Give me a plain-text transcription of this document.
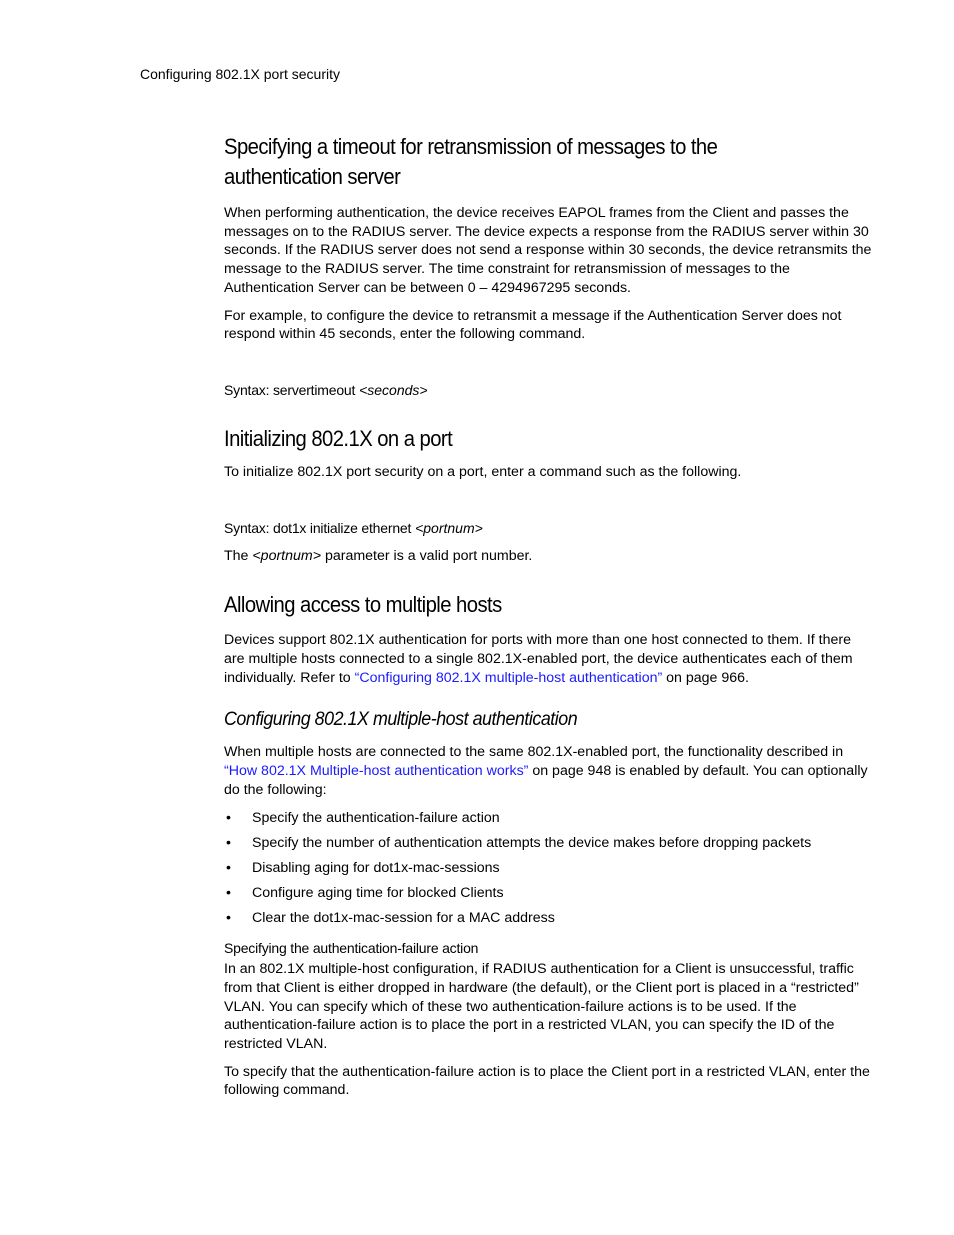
Configuring 802.1X port security
Specifying a timeout for retransmission of messages to the
authentication server

When performing authentication, the device receives EAPOL frames from the Client and passes the messages on to the RADIUS server. The device expects a response from the RADIUS server within 30 seconds. If the RADIUS server does not send a response within 30 seconds, the device retransmits the message to the RADIUS server. The time constraint for retransmission of messages to the Authentication Server can be between 0 – 4294967295 seconds.

For example, to configure the device to retransmit a message if the Authentication Server does not respond within 45 seconds, enter the following command.

Syntax: servertimeout <seconds>

Initializing 802.1X on a port

To initialize 802.1X port security on a port, enter a command such as the following.

Syntax: dot1x initialize ethernet <portnum>

The <portnum> parameter is a valid port number.

Allowing access to multiple hosts

Devices support 802.1X authentication for ports with more than one host connected to them. If there are multiple hosts connected to a single 802.1X-enabled port, the device authenticates each of them individually. Refer to “Configuring 802.1X multiple-host authentication” on page 966.

Configuring 802.1X multiple-host authentication

When multiple hosts are connected to the same 802.1X-enabled port, the functionality described in “How 802.1X Multiple-host authentication works” on page 948 is enabled by default. You can optionally do the following:

• Specify the authentication-failure action
• Specify the number of authentication attempts the device makes before dropping packets
• Disabling aging for dot1x-mac-sessions
• Configure aging time for blocked Clients
• Clear the dot1x-mac-session for a MAC address
Specifying the authentication-failure action

In an 802.1X multiple-host configuration, if RADIUS authentication for a Client is unsuccessful, traffic from that Client is either dropped in hardware (the default), or the Client port is placed in a “restricted” VLAN. You can specify which of these two authentication-failure actions is to be used. If the authentication-failure action is to place the port in a restricted VLAN, you can specify the ID of the restricted VLAN.

To specify that the authentication-failure action is to place the Client port in a restricted VLAN, enter the following command.
